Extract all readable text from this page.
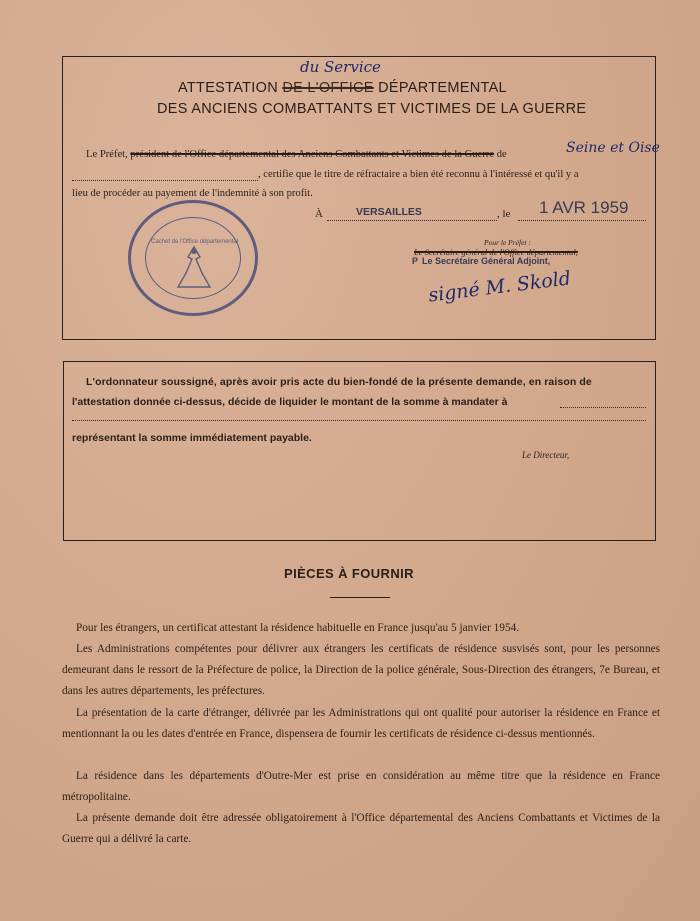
du Service
ATTESTATION DE L'OFFICE DÉPARTEMENTAL
DES ANCIENS COMBATTANTS ET VICTIMES DE LA GUERRE
Le Préfet, président de l'Office départemental des Anciens Combattants et Victimes de la Guerre de	Seine et Oise
, certifie que le titre de réfractaire a bien été reconnu à l'intéressé et qu'il y a
lieu de procéder au payement de l'indemnité à son profit.
À	VERSAILLES	, le 1 AVR 1959
Cachet de l'Office départemental	Pour le Préfet :
Le Secrétaire général de l'Office départemental,
P Le Secrétaire Général Adjoint,
signé M. Skold
L'ordonnateur soussigné, après avoir pris acte du bien-fondé de la présente demande, en raison de
l'attestation donnée ci-dessus, décide de liquider le montant de la somme à mandater à
représentant la somme immédiatement payable.
Le Directeur,
PIÈCES À FOURNIR
Pour les étrangers, un certificat attestant la résidence habituelle en France jusqu'au 5 janvier 1954.
Les Administrations compétentes pour délivrer aux étrangers les certificats de résidence susvisés sont, pour les personnes demeurant dans le ressort de la Préfecture de police, la Direction de la police générale, Sous-Direction des étrangers, 7e Bureau, et dans les autres départements, les préfectures.
La présentation de la carte d'étranger, délivrée par les Administrations qui ont qualité pour autoriser la résidence en France et mentionnant la ou les dates d'entrée en France, dispensera de fournir les certificats de résidence ci-dessus mentionnés.
La résidence dans les départements d'Outre-Mer est prise en considération au même titre que la résidence en France métropolitaine.
La présente demande doit être adressée obligatoirement à l'Office départemental des Anciens Combattants et Victimes de la Guerre qui a délivré la carte.
